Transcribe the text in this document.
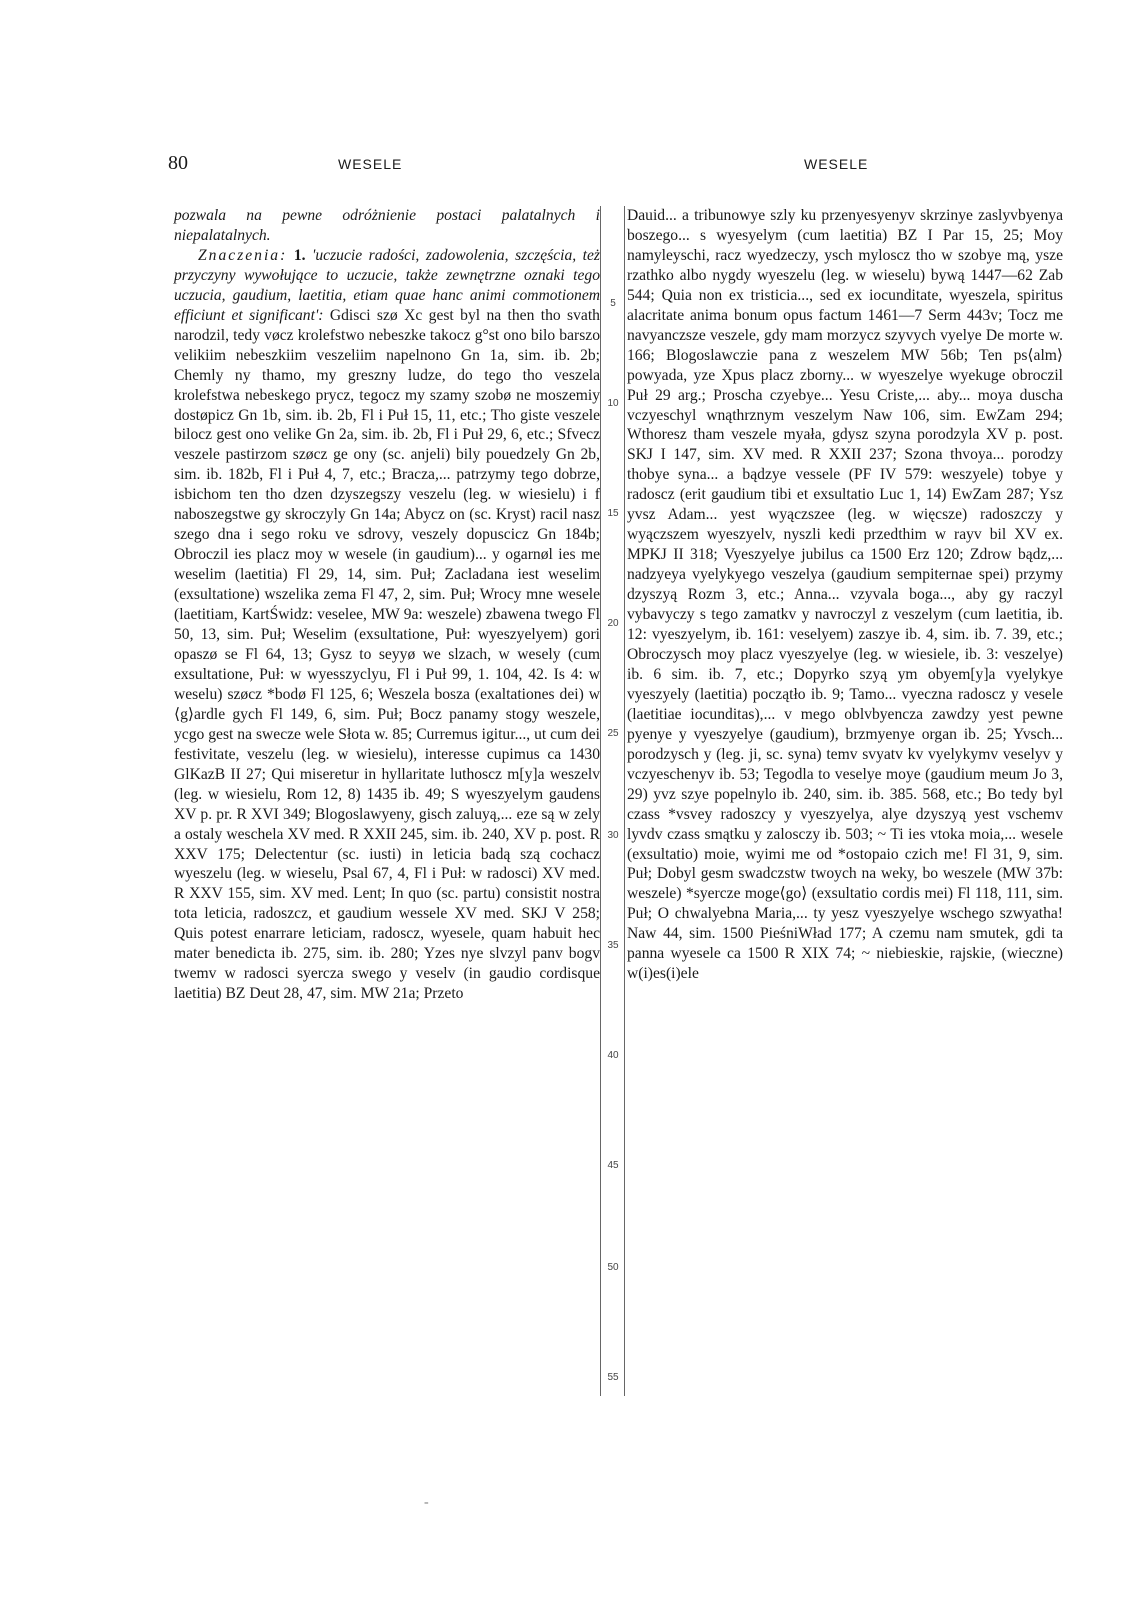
80	WESELE	WESELE

pozwala na pewne odróżnienie postaci palatalnych i niepalatalnych.

Znaczenia: 1. 'uczucie radości, zadowolenia, szczęścia, też przyczyny wywołujące to uczucie, także zewnętrzne oznaki tego uczucia, gaudium, laetitia, etiam quae hanc animi commotionem efficiunt et significant': Gdisci szø Xc gest byl na then tho svath narodzil, tedy vøcz krolefstwo nebeszke takocz g°st ono bilo barszo velikiim nebeszkiim veszeliim napelnono Gn 1a, sim. ib. 2b; Chemly ny thamo, my greszny ludze, do tego tho veszela krolefstwa nebeskego prycz, tegocz my szamy szobø ne moszemiy dostøpicz Gn 1b, sim. ib. 2b, Fl i Puł 15, 11, etc.; Tho giste veszele bilocz gest ono velike Gn 2a, sim. ib. 2b, Fl i Puł 29, 6, etc.; Sfvecz veszele pastirzom szøcz ge ony (sc. anjeli) bily pouedzely Gn 2b, sim. ib. 182b, Fl i Puł 4, 7, etc.; Bracza,... patrzymy tego dobrze, isbichom ten tho dzen dzyszegszy veszelu (leg. w wiesielu) i f naboszegstwe gy skroczyly Gn 14a; Abycz on (sc. Kryst) racil nasz szego dna i sego roku ve sdrovy, veszely dopuscicz Gn 184b; Obroczil ies placz moy w wesele (in gaudium)... y ogarnøl ies me weselim (laetitia) Fl 29, 14, sim. Puł; Zacladana iest weselim (exsultatione) wszelika zema Fl 47, 2, sim. Puł; Wrocy mne wesele (laetitiam, KartŚwidz: veselee, MW 9a: weszele) zbawena twego Fl 50, 13, sim. Puł; Weselim (exsultatione, Puł: wyeszyelyem) gori opaszø se Fl 64, 13; Gysz to seyyø we slzach, w wesely (cum exsultatione, Puł: w wyesszyclyu, Fl i Puł 99, 1. 104, 42. Is 4: w weselu) szøcz *bodø Fl 125, 6; Weszela bosza (exaltationes dei) w ⟨g⟩ardle gych Fl 149, 6, sim. Puł; Bocz panamy stogy weszele, ycgo gest na swecze wele Słota w. 85; Curremus igitur..., ut cum dei festivitate, veszelu (leg. w wiesielu), interesse cupimus ca 1430 GlKazB II 27; Qui miseretur in hyllaritate luthoscz m[y]a weszelv (leg. w wiesielu, Rom 12, 8) 1435 ib. 49; S wyeszyelym gaudens XV p. pr. R XVI 349; Blogoslawyeny, gisch zaluyą,... eze są w zely a ostaly weschela XV med. R XXII 245, sim. ib. 240, XV p. post. R XXV 175; Delectentur (sc. iusti) in leticia badą szą cochacz wyeszelu (leg. w wieselu, Psal 67, 4, Fl i Puł: w radosci) XV med. R XXV 155, sim. XV med. Lent; In quo (sc. partu) consistit nostra tota leticia, radoszcz, et gaudium wessele XV med. SKJ V 258; Quis potest enarrare leticiam, radoscz, wyesele, quam habuit hec mater benedicta ib. 275, sim. ib. 280; Yzes nye slvzyl panv bogv twemv w radosci syercza swego y veselv (in gaudio cordisque laetitia) BZ Deut 28, 47, sim. MW 21a; Przeto

5
10
15
20
25
30
35
40
45
50
55

Dauid... a tribunowye szly ku przenyesyenyv skrzinye zaslyvbyenya boszego... s wyesyelym (cum laetitia) BZ I Par 15, 25; Moy namyleyschi, racz wyedzeczy, ysch myloscz tho w szobye mą, ysze rzathko albo nygdy wyeszelu (leg. w wieselu) bywą 1447—62 Zab 544; Quia non ex tristicia..., sed ex iocunditate, wyeszela, spiritus alacritate anima bonum opus factum 1461—7 Serm 443v; Tocz me navyanczsze veszele, gdy mam morzycz szyvych vyelye De morte w. 166; Blogoslawczie pana z weszelem MW 56b; Ten ps⟨alm⟩ powyada, yze Xpus placz zborny... w wyeszelye wyekuge obroczil Puł 29 arg.; Proscha czyebye... Yesu Criste,... aby... moya duscha vczyeschyl wnąthrznym veszelym Naw 106, sim. EwZam 294; Wthoresz tham veszele myała, gdysz szyna porodzyla XV p. post. SKJ I 147, sim. XV med. R XXII 237; Szona thvoya... porodzy thobye syna... a bądzye vessele (PF IV 579: weszyele) tobye y radoscz (erit gaudium tibi et exsultatio Luc 1, 14) EwZam 287; Ysz yvsz Adam... yest wyączszee (leg. w więcsze) radoszczy y wyączszem wyeszyelv, nyszli kedi przedthim w rayv bil XV ex. MPKJ II 318; Vyeszyelye jubilus ca 1500 Erz 120; Zdrow bądz,... nadzyeya vyelykyego veszelya (gaudium sempiternae spei) przymy dzyszyą Rozm 3, etc.; Anna... vzyvala boga..., aby gy raczyl vybavyczy s tego zamatkv y navroczyl z veszelym (cum laetitia, ib. 12: vyeszyelym, ib. 161: veselyem) zaszye ib. 4, sim. ib. 7. 39, etc.; Obroczysch moy placz vyeszyelye (leg. w wiesiele, ib. 3: veszelye) ib. 6 sim. ib. 7, etc.; Dopyrko szyą ym obyem[y]a vyelykye vyeszyely (laetitia) początło ib. 9; Tamo... vyeczna radoscz y vesele (laetitiae iocunditas),... v mego oblvbyencza zawdzy yest pewne pyenye y vyeszyelye (gaudium), brzmyenye organ ib. 25; Yvsch... porodzysch y (leg. ji, sc. syna) temv svyatv kv vyelykymv veselyv y vczyeschenyv ib. 53; Tegodla to veselye moye (gaudium meum Jo 3, 29) yvz szye popelnylo ib. 240, sim. ib. 385. 568, etc.; Bo tedy byl czass *vsvey radoszcy y vyeszyelya, alye dzyszyą yest vschemv lyvdv czass smątku y zalosczy ib. 503; ~ Ti ies vtoka moia,... wesele (exsultatio) moie, wyimi me od *ostopaio czich me! Fl 31, 9, sim. Puł; Dobyl gesm swadczstw twoych na weky, bo weszele (MW 37b: weszele) *syercze moge⟨go⟩ (exsultatio cordis mei) Fl 118, 111, sim. Puł; O chwalyebna Maria,... ty yesz vyeszyelye wschego szwyatha! Naw 44, sim. 1500 PieśniWład 177; A czemu nam smutek, gdi ta panna wyesele ca 1500 R XIX 74; ~ niebieskie, rajskie, (wieczne) w(i)es(i)ele

-
